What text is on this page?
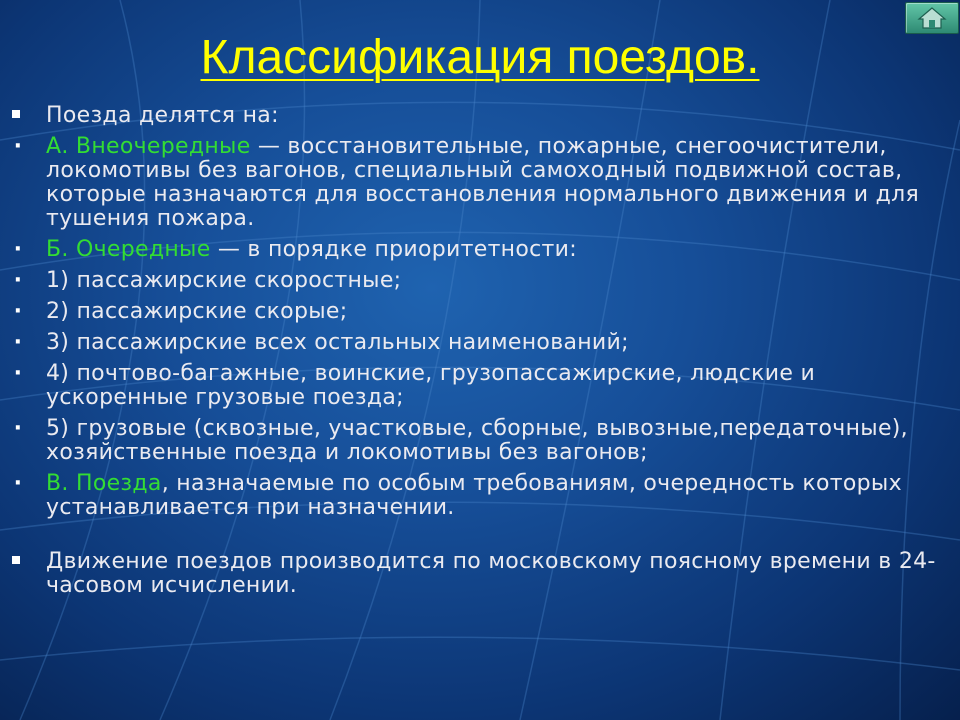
Классификация поездов.
Поезда делятся на:
· А. Внеочередные — восстановительные, пожарные, снегоочистители, локомотивы без вагонов, специальный самоходный подвижной состав, которые назначаются для восстановления нормального движения и для тушения пожара.
· Б. Очередные — в порядке приоритетности:
· 1) пассажирские скоростные;
· 2) пассажирские скорые;
· 3) пассажирские всех остальных наименований;
· 4) почтово-багажные, воинские, грузопассажирские, людские и ускоренные грузовые поезда;
· 5) грузовые (сквозные, участковые, сборные, вывозные,передаточные), хозяйственные поезда и локомотивы без вагонов;
· В. Поезда, назначаемые по особым требованиям, очередность которых устанавливается при назначении.
Движение поездов производится по московскому поясному времени в 24-часовом исчислении.
